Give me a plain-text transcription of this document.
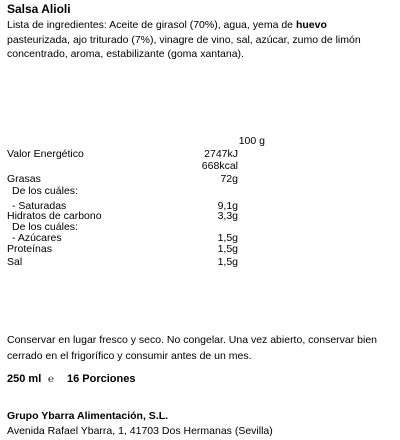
Salsa Alioli
Lista de ingredientes: Aceite de girasol (70%), agua, yema de huevo pasteurizada, ajo triturado (7%), vinagre de vino, sal, azúcar, zumo de limón concentrado, aroma, estabilizante (goma xantana).
100 g
Valor Energético	2747kJ
668kcal
Grasas	72g
De los cuáles:
- Saturadas	9,1g
Hidratos de carbono	3,3g
De los cuáles:
- Azúcares	1,5g
Proteínas	1,5g
Sal	1,5g
Conservar en lugar fresco y seco. No congelar. Una vez abierto, conservar bien cerrado en el frigorífico y consumir antes de un mes.
250 ml ℮ 16 Porciones
Grupo Ybarra Alimentación, S.L.
Avenida Rafael Ybarra, 1, 41703 Dos Hermanas (Sevilla)
